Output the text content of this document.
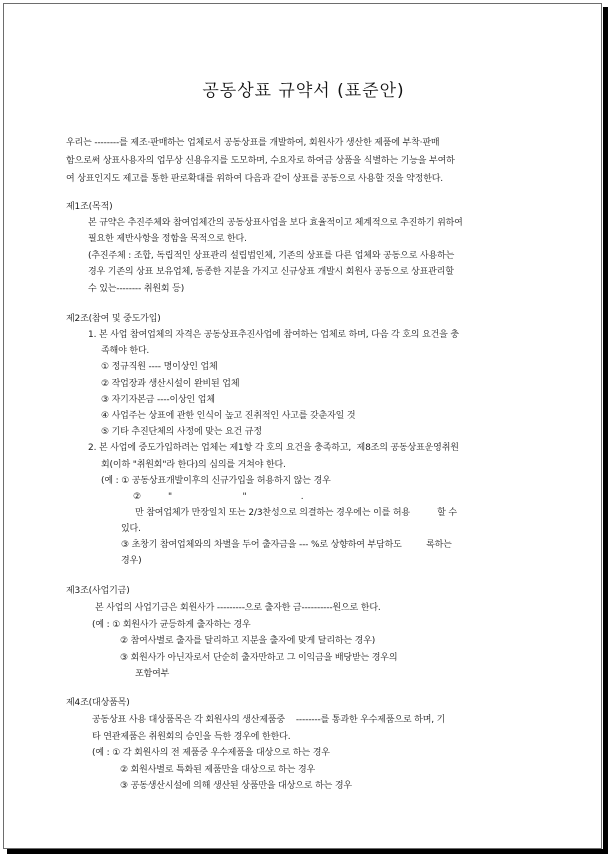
공동상표 규약서 (표준안)
우리는 --------를 제조·판매하는 업체로서 공동상표를 개발하여, 회원사가 생산한 제품에 부착·판매
함으로써 상표사용자의 업무상 신용유지를 도모하며, 수요자로 하여금 상품을 식별하는 기능을 부여하
여 상표인지도 제고를 통한 판로확대를 위하여 다음과 같이 상표를 공동으로 사용할 것을 약정한다.
제1조(목적)
본 규약은 추진주체와 참여업체간의 공동상표사업을 보다 효율적이고 체계적으로 추진하기 위하여
필요한 제반사항을 정함을 목적으로 한다.
(추진주체 : 조합, 독립적인 상표관리 설립법인체, 기존의 상표를 다른 업체와 공동으로 사용하는
경우 기존의 상표 보유업체, 동종한 지분을 가지고 신규상표 개발시 회원사 공동으로 상표관리할
수 있는-------- 취원회 등)
제2조(참여 및 중도가입)
1. 본 사업 참여업체의 자격은 공동상표추진사업에 참여하는 업체로 하며, 다음 각 호의 요건을 충
족해야 한다.
① 정규직원 ---- 명이상인 업체
② 작업장과 생산시설이 완비된 업체
③ 자기자본금 ----이상인 업체
④ 사업주는 상표에 관한 인식이 높고 진취적인 사고를 갖춘자일 것
⑤ 기타 추진단체의 사정에 맞는 요건 규정
2. 본 사업에 중도가입하려는 업체는 제1항 각 호의 요건을 충족하고,  제8조의 공동상표운영취원
회(이하 "취원회"라 한다)의 심의를 거쳐야 한다.
(예 : ① 공동상표개발이후의 신규가입을 허용하지 않는 경우
②          "                          "                    .
만 참여업체가 만장일치 또는 2/3찬성으로 의결하는 경우에는 이를 허용          할 수
있다.
③ 초창기 참여업체와의 차별을 두어 출자금을 --- %로 상향하여 부담하도         록하는
경우)
제3조(사업기금)
본 사업의 사업기금은 회원사가 ---------으로 출자한 금----------원으로 한다.
(예 : ① 회원사가 균등하게 출자하는 경우
② 참여사별로 출자를 달리하고 지분을 출자에 맞게 달리하는 경우)
③ 회원사가 아닌자로서 단순히 출자만하고 그 이익금을 배당받는 경우의
포함여부
제4조(대상품목)
공동상표 사용 대상품목은 각 회원사의 생산제품중    --------를 통과한 우수제품으로 하며, 기
타 연관제품은 취원회의 승인을 득한 경우에 한한다.
(예 : ① 각 회원사의 전 제품중 우수제품을 대상으로 하는 경우
② 회원사별로 특화된 제품만을 대상으로 하는 경우
③ 공동생산시설에 의해 생산된 상품만을 대상으로 하는 경우
